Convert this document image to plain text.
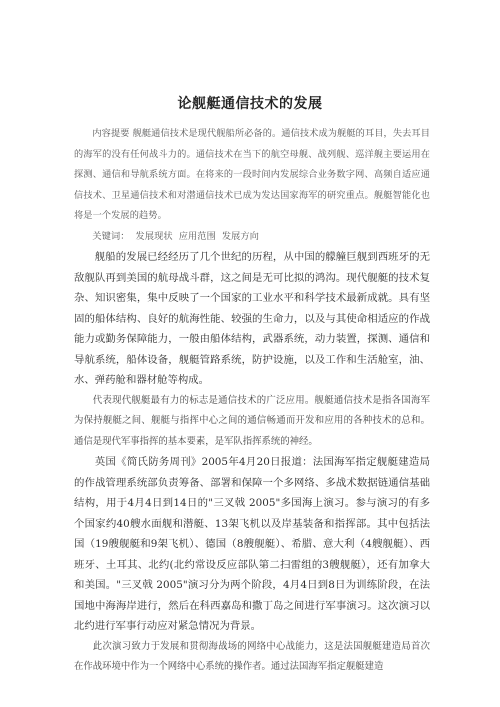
论舰艇通信技术的发展

内容提要 舰艇通信技术是现代舰船所必备的。通信技术成为舰艇的耳目，失去耳目的海军的没有任何战斗力的。通信技术在当下的航空母舰、战列舰、巡洋舰主要运用在探测、通信和导航系统方面。在将来的一段时间内发展综合业务数字网、高频自适应通信技术、卫星通信技术和对潜通信技术已成为发达国家海军的研究重点。舰艇智能化也将是一个发展的趋势。

关键词： 发展现状 应用范围 发展方向

舰船的发展已经经历了几个世纪的历程，从中国的艨艟巨舰到西班牙的无敌舰队再到美国的航母战斗群，这之间是无可比拟的鸿沟。现代舰艇的技术复杂、知识密集，集中反映了一个国家的工业水平和科学技术最新成就。具有坚固的船体结构、良好的航海性能、较强的生命力，以及与其使命相适应的作战能力或勤务保障能力，一般由船体结构，武器系统，动力装置，探测、通信和导航系统，船体设备，舰艇管路系统，防护设施，以及工作和生活舱室，油、水、弹药舱和器材舱等构成。

代表现代舰艇最有力的标志是通信技术的广泛应用。舰艇通信技术是指各国海军为保持舰艇之间、舰艇与指挥中心之间的通信畅通而开发和应用的各种技术的总和。通信是现代军事指挥的基本要素，是军队指挥系统的神经。

英国《简氏防务周刊》2005年4月20日报道：法国海军指定舰艇建造局的作战管理系统部负责筹备、部署和保障一个多网络、多战术数据链通信基础结构，用于4月4日到14日的"三叉戟 2005"多国海上演习。参与演习的有多个国家约40艘水面舰和潜艇、13架飞机以及岸基装备和指挥部。其中包括法国（19艘舰艇和9架飞机）、德国（8艘舰艇）、希腊、意大利（4艘舰艇）、西班牙、土耳其、北约(北约常设反应部队第二扫雷组的3艘舰艇），还有加拿大和美国。"三叉戟 2005"演习分为两个阶段，4月4日到8日为训练阶段，在法国地中海海岸进行，然后在科西嘉岛和撒丁岛之间进行军事演习。这次演习以北约进行军事行动应对紧急情况为背景。

此次演习致力于发展和贯彻海战场的网络中心战能力，这是法国舰艇建造局首次在作战环境中作为一个网络中心系统的操作者。通过法国海军指定舰艇建造
